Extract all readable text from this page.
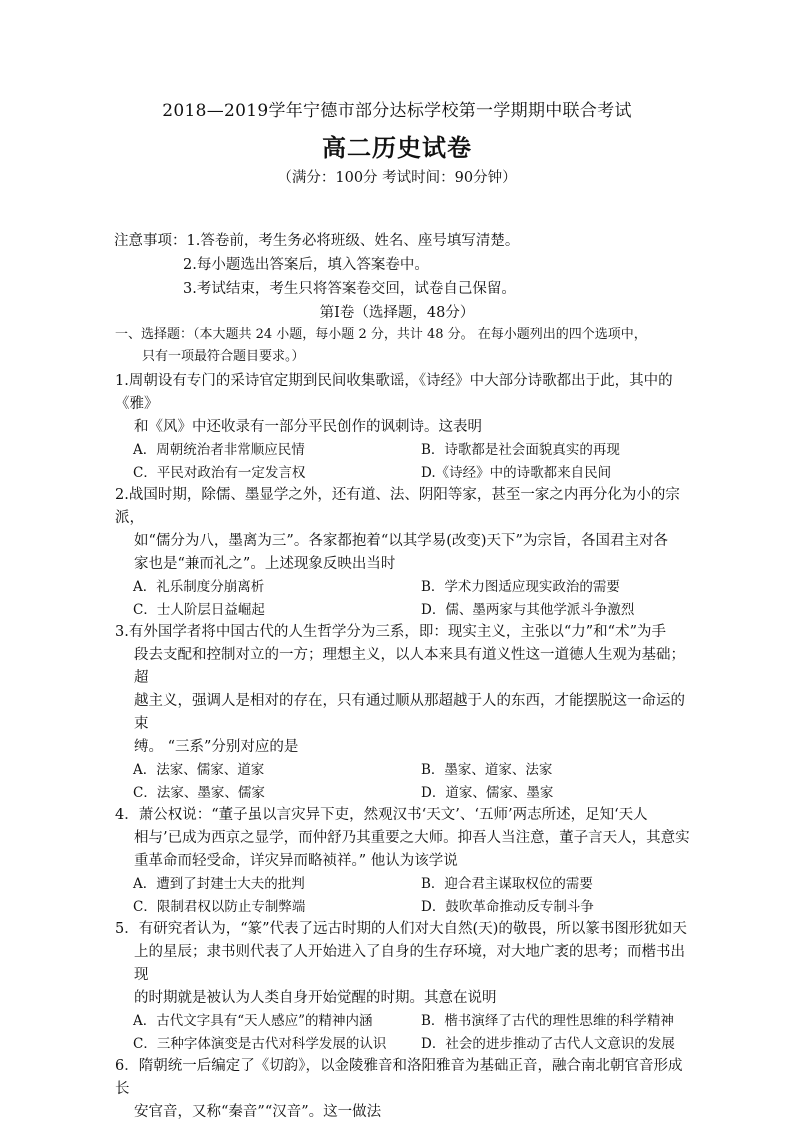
2018—2019学年宁德市部分达标学校第一学期期中联合考试
高二历史试卷
（满分：100分 考试时间：90分钟）
注意事项：1.答卷前，考生务必将班级、姓名、座号填写清楚。
2.每小题选出答案后，填入答案卷中。
3.考试结束，考生只将答案卷交回，试卷自己保留。
第Ⅰ卷（选择题，48分）
一、选择题：（本大题共 24 小题，每小题 2 分，共计 48 分。 在每小题列出的四个选项中，
只有一项最符合题目要求。）
1.周朝设有专门的采诗官定期到民间收集歌谣，《诗经》中大部分诗歌都出于此，其中的《雅》
和《风》中还收录有一部分平民创作的讽刺诗。这表明
A．周朝统治者非常顺应民情	B．诗歌都是社会面貌真实的再现
C．平民对政治有一定发言权	D.《诗经》中的诗歌都来自民间
2.战国时期，除儒、墨显学之外，还有道、法、阴阳等家，甚至一家之内再分化为小的宗派，
如“儒分为八，墨离为三”。各家都抱着“以其学易(改变)天下”为宗旨，各国君主对各
家也是“兼而礼之”。上述现象反映出当时
A．礼乐制度分崩离析	B．学术力图适应现实政治的需要
C．士人阶层日益崛起	D．儒、墨两家与其他学派斗争激烈
3.有外国学者将中国古代的人生哲学分为三系，即：现实主义，主张以“力”和“术”为手
段去支配和控制对立的一方；理想主义，以人本来具有道义性这一道德人生观为基础；超
越主义，强调人是相对的存在，只有通过顺从那超越于人的东西，才能摆脱这一命运的束
缚。 “三系”分别对应的是
A．法家、儒家、道家	B．墨家、道家、法家
C．法家、墨家、儒家	D．道家、儒家、墨家
4．萧公权说：“董子虽以言灾异下吏，然观汉书‘天文’、‘五师’两志所述，足知‘天人
相与’已成为西京之显学，而仲舒乃其重要之大师。抑吾人当注意，董子言天人，其意实
重革命而轻受命，详灾异而略祯祥。” 他认为该学说
A．遭到了封建士大夫的批判	B．迎合君主谋取权位的需要
C．限制君权以防止专制弊端	D．鼓吹革命推动反专制斗争
5．有研究者认为，“篆”代表了远古时期的人们对大自然(天)的敬畏，所以篆书图形犹如天
上的星辰；隶书则代表了人开始进入了自身的生存环境，对大地广袤的思考；而楷书出现
的时期就是被认为人类自身开始觉醒的时期。其意在说明
A．古代文字具有“天人感应”的精神内涵	B．楷书演绎了古代的理性思维的科学精神
C．三种字体演变是古代对科学发展的认识	D．社会的进步推动了古代人文意识的发展
6．隋朝统一后编定了《切韵》，以金陵雅音和洛阳雅音为基础正音，融合南北朝官音形成长
安官音，又称“秦音”“汉音”。这一做法
